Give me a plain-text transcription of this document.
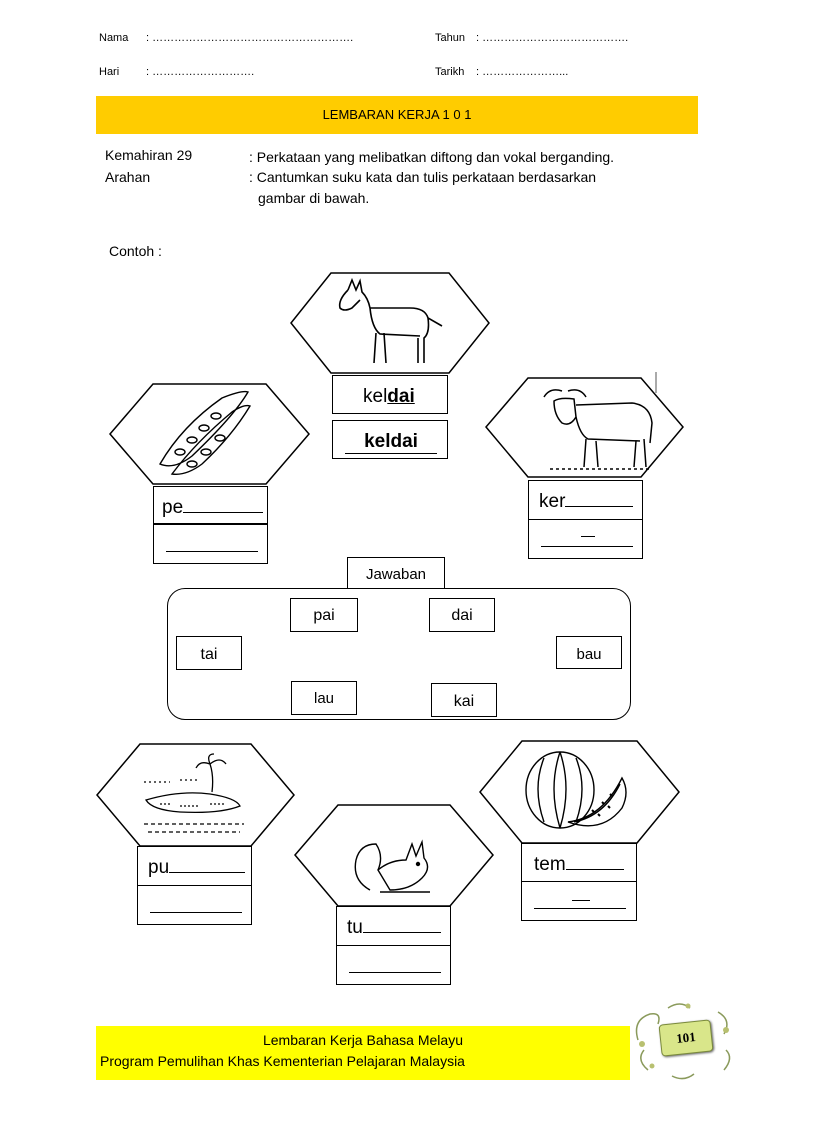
Nama : ……………………………………………….	Tahun : ………………………………….
Hari : ……………………….	Tarikh : …………………...
LEMBARAN KERJA 1 0 1
Kemahiran 29	: Perkataan yang melibatkan diftong dan vokal berganding.
Arahan	: Cantumkan suku kata dan tulis perkataan berdasarkan
gambar di bawah.
Contoh :
keldai
keldai
pe	ker
Jawaban
pai	dai
tai	bau
lau	kai
pu
tu
tem
Lembaran Kerja Bahasa Melayu
Program Pemulihan Khas Kementerian Pelajaran Malaysia
101
